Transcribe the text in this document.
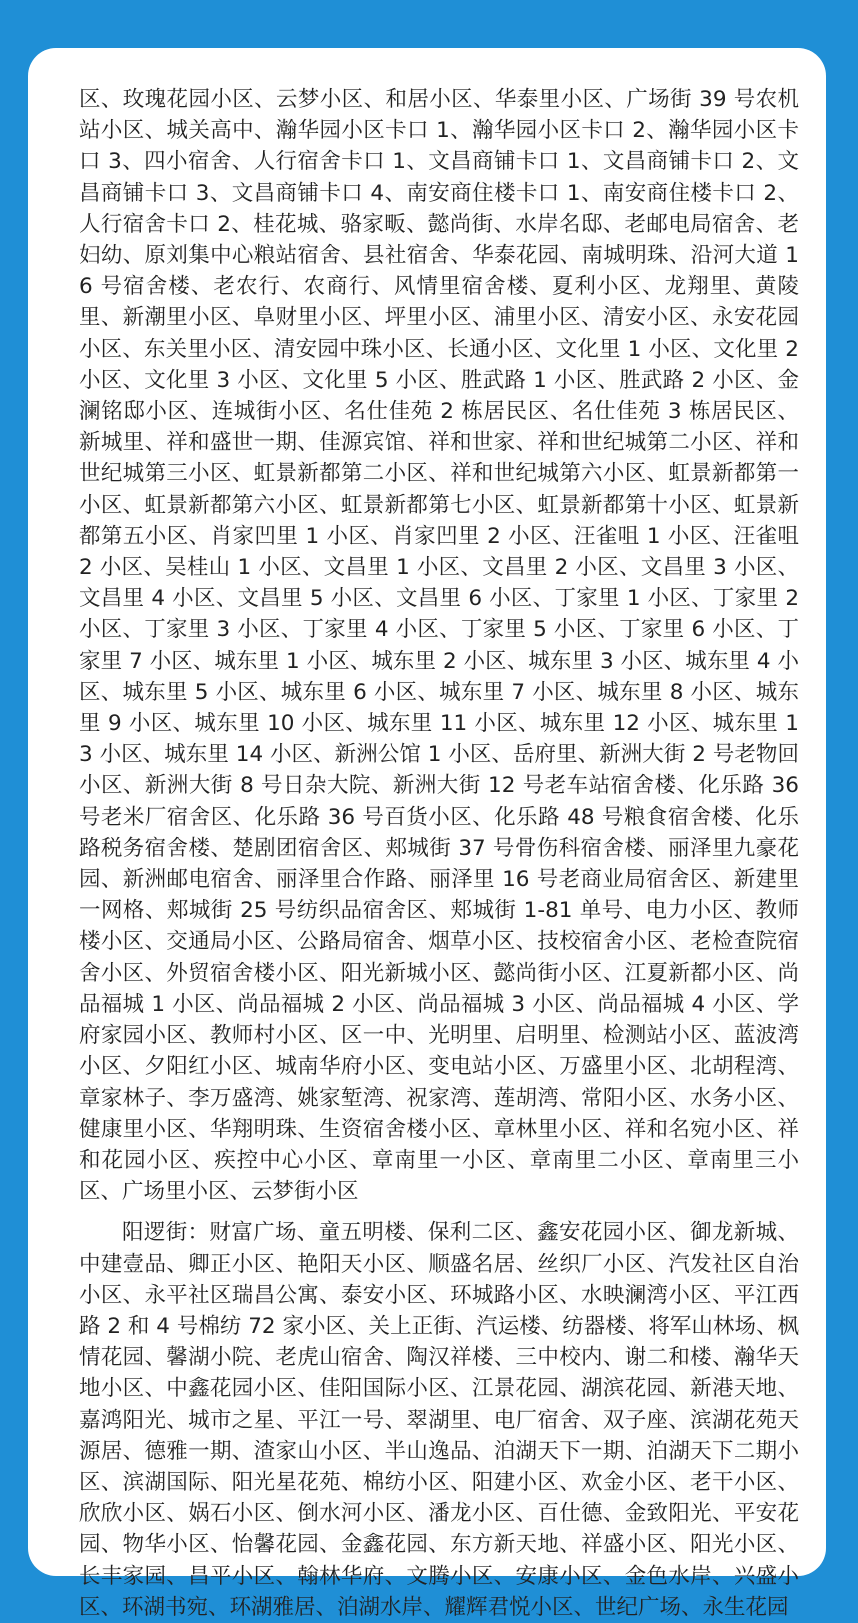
区、玫瑰花园小区、云梦小区、和居小区、华泰里小区、广场街 39 号农机站小区、城关高中、瀚华园小区卡口 1、瀚华园小区卡口 2、瀚华园小区卡口 3、四小宿舍、人行宿舍卡口 1、文昌商铺卡口 1、文昌商铺卡口 2、文昌商铺卡口 3、文昌商铺卡口 4、南安商住楼卡口 1、南安商住楼卡口 2、人行宿舍卡口 2、桂花城、骆家畈、懿尚街、水岸名邸、老邮电局宿舍、老妇幼、原刘集中心粮站宿舍、县社宿舍、华泰花园、南城明珠、沿河大道 16 号宿舍楼、老农行、农商行、风情里宿舍楼、夏利小区、龙翔里、黄陵里、新潮里小区、阜财里小区、坪里小区、浦里小区、清安小区、永安花园小区、东关里小区、清安园中珠小区、长通小区、文化里 1 小区、文化里 2 小区、文化里 3 小区、文化里 5 小区、胜武路 1 小区、胜武路 2 小区、金澜铭邸小区、连城街小区、名仕佳苑 2 栋居民区、名仕佳苑 3 栋居民区、新城里、祥和盛世一期、佳源宾馆、祥和世家、祥和世纪城第二小区、祥和世纪城第三小区、虹景新都第二小区、祥和世纪城第六小区、虹景新都第一小区、虹景新都第六小区、虹景新都第七小区、虹景新都第十小区、虹景新都第五小区、肖家凹里 1 小区、肖家凹里 2 小区、汪雀咀 1 小区、汪雀咀 2 小区、吴桂山 1 小区、文昌里 1 小区、文昌里 2 小区、文昌里 3 小区、文昌里 4 小区、文昌里 5 小区、文昌里 6 小区、丁家里 1 小区、丁家里 2 小区、丁家里 3 小区、丁家里 4 小区、丁家里 5 小区、丁家里 6 小区、丁家里 7 小区、城东里 1 小区、城东里 2 小区、城东里 3 小区、城东里 4 小区、城东里 5 小区、城东里 6 小区、城东里 7 小区、城东里 8 小区、城东里 9 小区、城东里 10 小区、城东里 11 小区、城东里 12 小区、城东里 13 小区、城东里 14 小区、新洲公馆 1 小区、岳府里、新洲大街 2 号老物回小区、新洲大街 8 号日杂大院、新洲大街 12 号老车站宿舍楼、化乐路 36 号老米厂宿舍区、化乐路 36 号百货小区、化乐路 48 号粮食宿舍楼、化乐路税务宿舍楼、楚剧团宿舍区、郏城街 37 号骨伤科宿舍楼、丽泽里九豪花园、新洲邮电宿舍、丽泽里合作路、丽泽里 16 号老商业局宿舍区、新建里一网格、郏城街 25 号纺织品宿舍区、郏城街 1-81 单号、电力小区、教师楼小区、交通局小区、公路局宿舍、烟草小区、技校宿舍小区、老检查院宿舍小区、外贸宿舍楼小区、阳光新城小区、懿尚街小区、江夏新都小区、尚品福城 1 小区、尚品福城 2 小区、尚品福城 3 小区、尚品福城 4 小区、学府家园小区、教师村小区、区一中、光明里、启明里、检测站小区、蓝波湾小区、夕阳红小区、城南华府小区、变电站小区、万盛里小区、北胡程湾、章家林子、李万盛湾、姚家堑湾、祝家湾、莲胡湾、常阳小区、水务小区、健康里小区、华翔明珠、生资宿舍楼小区、章林里小区、祥和名宛小区、祥和花园小区、疾控中心小区、章南里一小区、章南里二小区、章南里三小区、广场里小区、云梦街小区

阳逻街：财富广场、童五明楼、保利二区、鑫安花园小区、御龙新城、中建壹品、卿正小区、艳阳天小区、顺盛名居、丝织厂小区、汽发社区自治小区、永平社区瑞昌公寓、泰安小区、环城路小区、水映澜湾小区、平江西路 2 和 4 号棉纺 72 家小区、关上正街、汽运楼、纺器楼、将军山林场、枫情花园、馨湖小院、老虎山宿舍、陶汉祥楼、三中校内、谢二和楼、瀚华天地小区、中鑫花园小区、佳阳国际小区、江景花园、湖滨花园、新港天地、嘉鸿阳光、城市之星、平江一号、翠湖里、电厂宿舍、双子座、滨湖花苑天源居、德雅一期、渣家山小区、半山逸品、泊湖天下一期、泊湖天下二期小区、滨湖国际、阳光星花苑、棉纺小区、阳建小区、欢金小区、老干小区、欣欣小区、娲石小区、倒水河小区、潘龙小区、百仕德、金致阳光、平安花园、物华小区、怡馨花园、金鑫花园、东方新天地、祥盛小区、阳光小区、长丰家园、昌平小区、翰林华府、文腾小区、安康小区、金色水岸、兴盛小区、环湖书宛、环湖雅居、泊湖水岸、耀辉君悦小区、世纪广场、永生花园
